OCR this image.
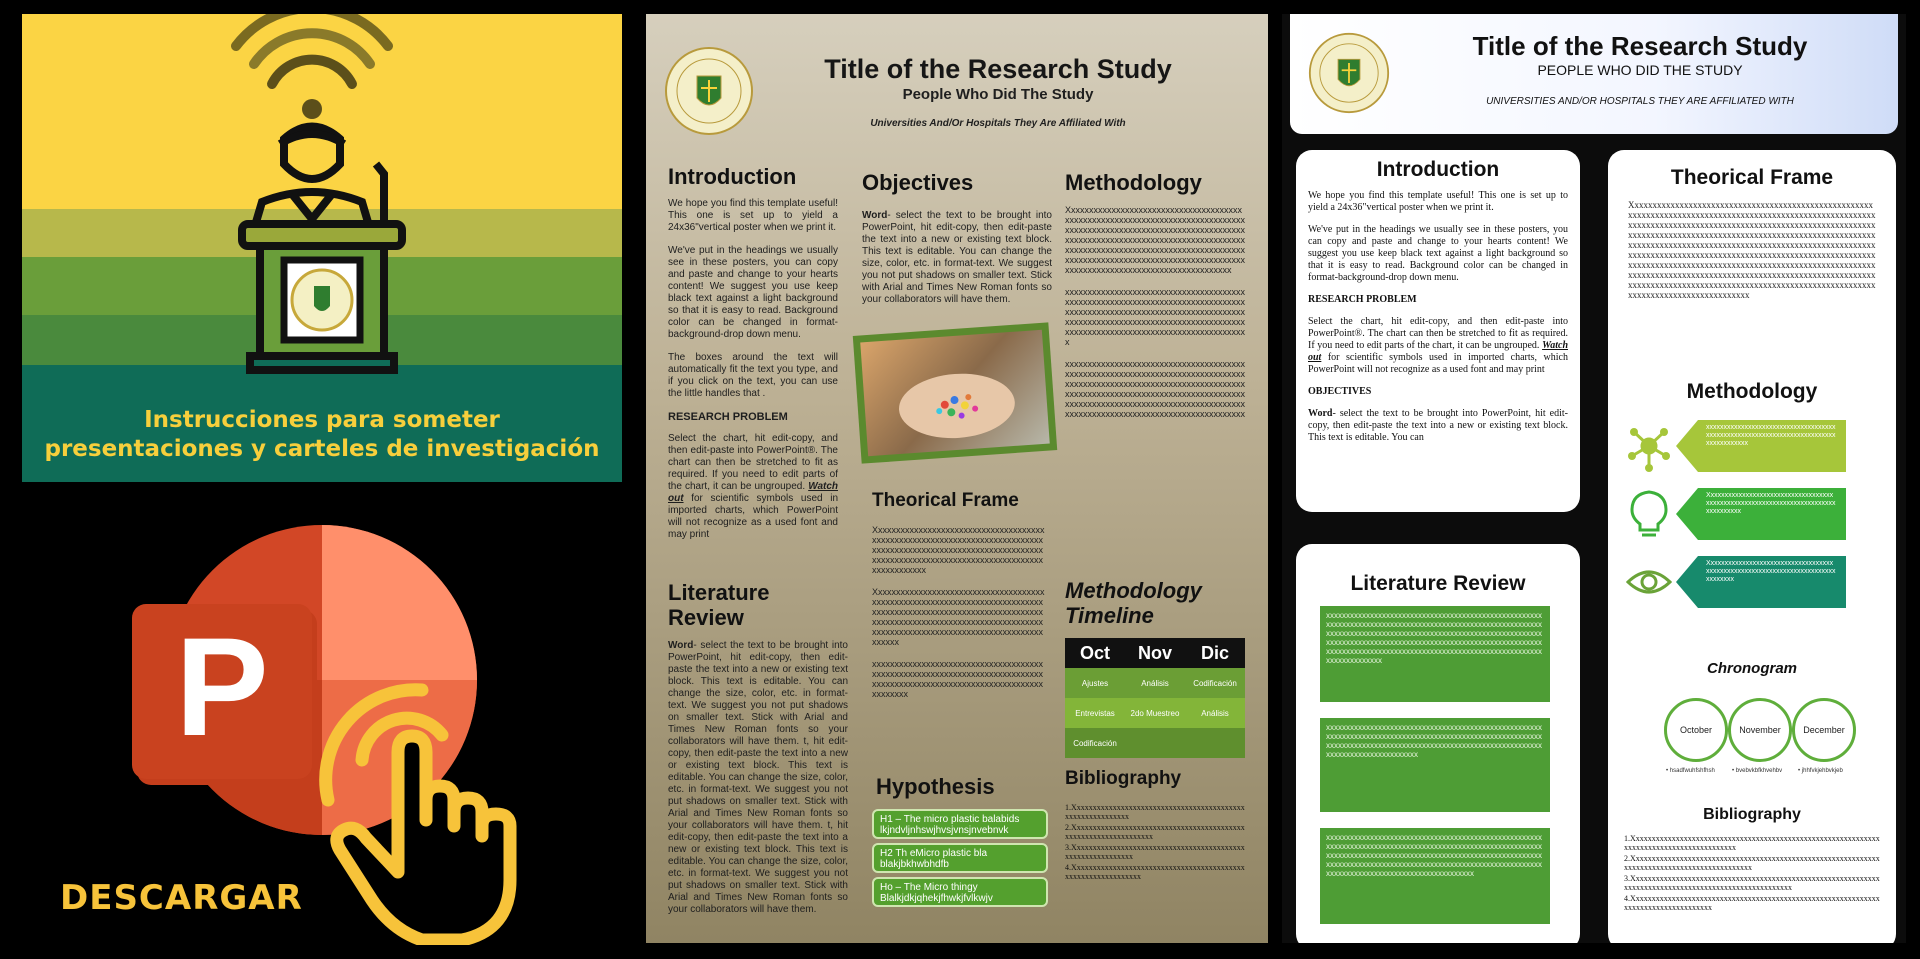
Instrucciones para someter
presentaciones y carteles de investigación
P
DESCARGAR
Title of the Research Study
People Who Did The Study
Universities And/Or Hospitals They Are Affiliated With
Introduction

We hope you find this template useful! This one is set up to yield a 24x36"vertical poster when we print it.

We've put in the headings we usually see in these posters, you can copy and paste and change to your hearts content! We suggest you use keep black text against a light background so that it is easy to read. Background color can be changed in format-background-drop down menu.

The boxes around the text will automatically fit the text you type, and if you click on the text, you can use the little handles that .

RESEARCH PROBLEM

Select the chart, hit edit-copy, and then edit-paste into PowerPoint®. The chart can then be stretched to fit as required. If you need to edit parts of the chart, it can be ungrouped. Watch out for scientific symbols used in imported charts, which PowerPoint will not recognize as a used font and may print

Literature Review
Word- select the text to be brought into PowerPoint, hit edit-copy, then edit-paste the text into a new or existing text block. This text is editable. You can change the size, color, etc. in format-text. We suggest you not put shadows on smaller text. Stick with Arial and Times New Roman fonts so your collaborators will have them. t, hit edit-copy, then edit-paste the text into a new or existing text block. This text is editable. You can change the size, color, etc. in format-text. We suggest you not put shadows on smaller text. Stick with Arial and Times New Roman fonts so your collaborators will have them. t, hit edit-copy, then edit-paste the text into a new or existing text block. This text is editable. You can change the size, color, etc. in format-text. We suggest you not put shadows on smaller text. Stick with Arial and Times New Roman fonts so your collaborators will have them.
Objectives
Word- select the text to be brought into PowerPoint, hit edit-copy, then edit-paste the text into a new or existing text block. This text is editable. You can change the size, color, etc. in format-text. We suggest you not put shadows on smaller text. Stick with Arial and Times New Roman fonts so your collaborators will have them.
Theorical Frame
Xxxxxxxxxxxxxxxxxxxxxxxxxxxxxxxxxxxxxxxxxxxxxxxxxxxxxxxxxxxxxxxxxxxxxxxxxxxxxxxxxxxxxxxxxxxxxxxxxxxxxxxxxxxxxxxxxxxxxxxxxxxxxxxxxxxxxxxxxxxxxxxxxxxxxxxxxxxxxxxxxxxx
Xxxxxxxxxxxxxxxxxxxxxxxxxxxxxxxxxxxxxxxxxxxxxxxxxxxxxxxxxxxxxxxxxxxxxxxxxxxxxxxxxxxxxxxxxxxxxxxxxxxxxxxxxxxxxxxxxxxxxxxxxxxxxxxxxxxxxxxxxxxxxxxxxxxxxxxxxxxxxxxxxxxxxxxxxxxxxxxxxxxxxxxxxxxxxxxxxxxx
xxxxxxxxxxxxxxxxxxxxxxxxxxxxxxxxxxxxxxxxxxxxxxxxxxxxxxxxxxxxxxxxxxxxxxxxxxxxxxxxxxxxxxxxxxxxxxxxxxxxxxxxxxxxxxxxxxxxxxxxxx
Hypothesis
H1 – The micro plastic balabids lkjndvljnhswjhvsjvnsjnvebnvk
H2 Th eMicro plastic bla blakjbkhwbhdfb
Ho – The Micro thingy Blalkjdkjqhekjfhwkjfvlkwjv
Methodology
Xxxxxxxxxxxxxxxxxxxxxxxxxxxxxxxxxxxxxxxxxxxxxxxxxxxxxxxxxxxxxxxxxxxxxxxxxxxxxxxxxxxxxxxxxxxxxxxxxxxxxxxxxxxxxxxxxxxxxxxxxxxxxxxxxxxxxxxxxxxxxxxxxxxxxxxxxxxxxxxxxxxxxxxxxxxxxxxxxxxxxxxxxxxxxxxxxxxxxxxxxxxxxxxxxxxxxxxxxxxxxxxxxxxxxxxxxxxxxxxxxxxxxxxxxxxxxxxxxxxxxxxxxxxxxxxxxxxx
xxxxxxxxxxxxxxxxxxxxxxxxxxxxxxxxxxxxxxxxxxxxxxxxxxxxxxxxxxxxxxxxxxxxxxxxxxxxxxxxxxxxxxxxxxxxxxxxxxxxxxxxxxxxxxxxxxxxxxxxxxxxxxxxxxxxxxxxxxxxxxxxxxxxxxxxxxxxxxxxxxxxxxxxxxxxxxxxxxxxxxxxxxxxxxxxxxxxxxxxx
xxxxxxxxxxxxxxxxxxxxxxxxxxxxxxxxxxxxxxxxxxxxxxxxxxxxxxxxxxxxxxxxxxxxxxxxxxxxxxxxxxxxxxxxxxxxxxxxxxxxxxxxxxxxxxxxxxxxxxxxxxxxxxxxxxxxxxxxxxxxxxxxxxxxxxxxxxxxxxxxxxxxxxxxxxxxxxxxxxxxxxxxxxxxxxxxxxxxxxxxxxxxxxxxxxxxxxxxxxxxxxxxxxxxxxxxxxxxxxxx
Methodology
Timeline
Oct	Nov	Dic
Ajustes	Análisis	Codificación
Entrevistas	2do Muestreo	Análisis
Codificación
Bibliography
1.Xxxxxxxxxxxxxxxxxxxxxxxxxxxxxxxxxxxxxxxxxxxxxxxxxxxxxxxxxxx
2.Xxxxxxxxxxxxxxxxxxxxxxxxxxxxxxxxxxxxxxxxxxxxxxxxxxxxxxxxxxxxxxxxx
3.Xxxxxxxxxxxxxxxxxxxxxxxxxxxxxxxxxxxxxxxxxxxxxxxxxxxxxxxxxxxx
4.Xxxxxxxxxxxxxxxxxxxxxxxxxxxxxxxxxxxxxxxxxxxxxxxxxxxxxxxxxxxxxx
Title of the Research Study
PEOPLE WHO DID THE STUDY
UNIVERSITIES AND/OR HOSPITALS THEY ARE AFFILIATED WITH
Introduction

We hope you find this template useful! This one is set up to yield a 24x36"vertical poster when we print it.

We've put in the headings we usually see in these posters, you can copy and paste and change to your hearts content! We suggest you use keep black text against a light background so that it is easy to read. Background color can be changed in format-background-drop down menu.

RESEARCH PROBLEM

Select the chart, hit edit-copy, and then edit-paste into PowerPoint®. The chart can then be stretched to fit as required. If you need to edit parts of the chart, it can be ungrouped. Watch out for scientific symbols used in imported charts, which PowerPoint will not recognize as a used font and may print

OBJECTIVES

Word- select the text to be brought into PowerPoint, hit edit-copy, then edit-paste the text into a new or existing text block. This text is editable. You can

Theorical Frame
Xxxxxxxxxxxxxxxxxxxxxxxxxxxxxxxxxxxxxxxxxxxxxxxxxxxxxxxxxxxxxxxxxxxxxxxxxxxxxxxxxxxxxxxxxxxxxxxxxxxxxxxxxxxxxxxxxxxxxxxxxxxxxxxxxxxxxxxxxxxxxxxxxxxxxxxxxxxxxxxxxxxxxxxxxxxxxxxxxxxxxxxxxxxxxxxxxxxxxxxxxxxxxxxxxxxxxxxxxxxxxxxxxxxxxxxxxxxxxxxxxxxxxxxxxxxxxxxxxxxxxxxxxxxxxxxxxxxxxxxxxxxxxxxxxxxxxxxxxxxxxxxxxxxxxxxxxxxxxxxxxxxxxxxxxxxxxxxxxxxxxxxxxxxxxxxxxxxxxxxxxxxxxxxxxxxxxxxxxxxxxxxxxxxxxxxxxxxxxxxxxxxxxxxxxxxxxxxxxxxxxxxxxxxxxxxxxxxxxxxxxxxxxxxxxxxxxxxxxxxxxxxxxxxxxxxxxxxxxxxxxxxxxxxxxxxxxxxxxxxxxxxxxxxxxxxxxxxxxxxxx
Methodology
xxxxxxxxxxxxxxxxxxxxxxxxxxxxxxxxxxxxxxxxxxxxxxxxxxxxxxxxxxxxxxxxxxxxxxxxxxxxxxxxxxxxxx
Xxxxxxxxxxxxxxxxxxxxxxxxxxxxxxxxxxxxxxxxxxxxxxxxxxxxxxxxxxxxxxxxxxxxxxxxxxxxxxxxxxx
Xxxxxxxxxxxxxxxxxxxxxxxxxxxxxxxxxxxxxxxxxxxxxxxxxxxxxxxxxxxxxxxxxxxxxxxxxxxxxxxxx
Chronogram
October	November	December
• hsadfwuhfshfhsh	• bvebvkbfkhvehbv	• jhhfvkjehbvkjeb
Bibliography
1.Xxxxxxxxxxxxxxxxxxxxxxxxxxxxxxxxxxxxxxxxxxxxxxxxxxxxxxxxxxxxxxxxxxxxxxxxxxxxxxxxxxxxxxxxxx
2.Xxxxxxxxxxxxxxxxxxxxxxxxxxxxxxxxxxxxxxxxxxxxxxxxxxxxxxxxxxxxxxxxxxxxxxxxxxxxxxxxxxxxxxxxxxxxxx
3.Xxxxxxxxxxxxxxxxxxxxxxxxxxxxxxxxxxxxxxxxxxxxxxxxxxxxxxxxxxxxxxxxxxxxxxxxxxxxxxxxxxxxxxxxxxxxxxxxxxxxxxxx
4.Xxxxxxxxxxxxxxxxxxxxxxxxxxxxxxxxxxxxxxxxxxxxxxxxxxxxxxxxxxxxxxxxxxxxxxxxxxxxxxxxxxxx
Literature Review
xxxxxxxxxxxxxxxxxxxxxxxxxxxxxxxxxxxxxxxxxxxxxxxxxxxxxxxxxxxxxxxxxxxxxxxxxxxxxxxxxxxxxxxxxxxxxxxxxxxxxxxxxxxxxxxxxxxxxxxxxxxxxxxxxxxxxxxxxxxxxxxxxxxxxxxxxxxxxxxxxxxxxxxxxxxxxxxxxxxxxxxxxxxxxxxxxxxxxxxxxxxxxxxxxxxxxxxxxxxxxxxxxxxxxxxxxxxxxxxxxxxxxxxxxxxxxxxxxxxxxxxxxxxxxxxxxxxxxxxxxxxx
xxxxxxxxxxxxxxxxxxxxxxxxxxxxxxxxxxxxxxxxxxxxxxxxxxxxxxxxxxxxxxxxxxxxxxxxxxxxxxxxxxxxxxxxxxxxxxxxxxxxxxxxxxxxxxxxxxxxxxxxxxxxxxxxxxxxxxxxxxxxxxxxxxxxxxxxxxxxxxxxxxxxxxxxxxxxxxxxxxxxxxxxx
xxxxxxxxxxxxxxxxxxxxxxxxxxxxxxxxxxxxxxxxxxxxxxxxxxxxxxxxxxxxxxxxxxxxxxxxxxxxxxxxxxxxxxxxxxxxxxxxxxxxxxxxxxxxxxxxxxxxxxxxxxxxxxxxxxxxxxxxxxxxxxxxxxxxxxxxxxxxxxxxxxxxxxxxxxxxxxxxxxxxxxxxxxxxxxxxxxxxxxxxxxxxxxxxxxxxxxxxxxxxxxxxxxxxxxxxxxxxxxxxxxxxxxxxxxxxx
